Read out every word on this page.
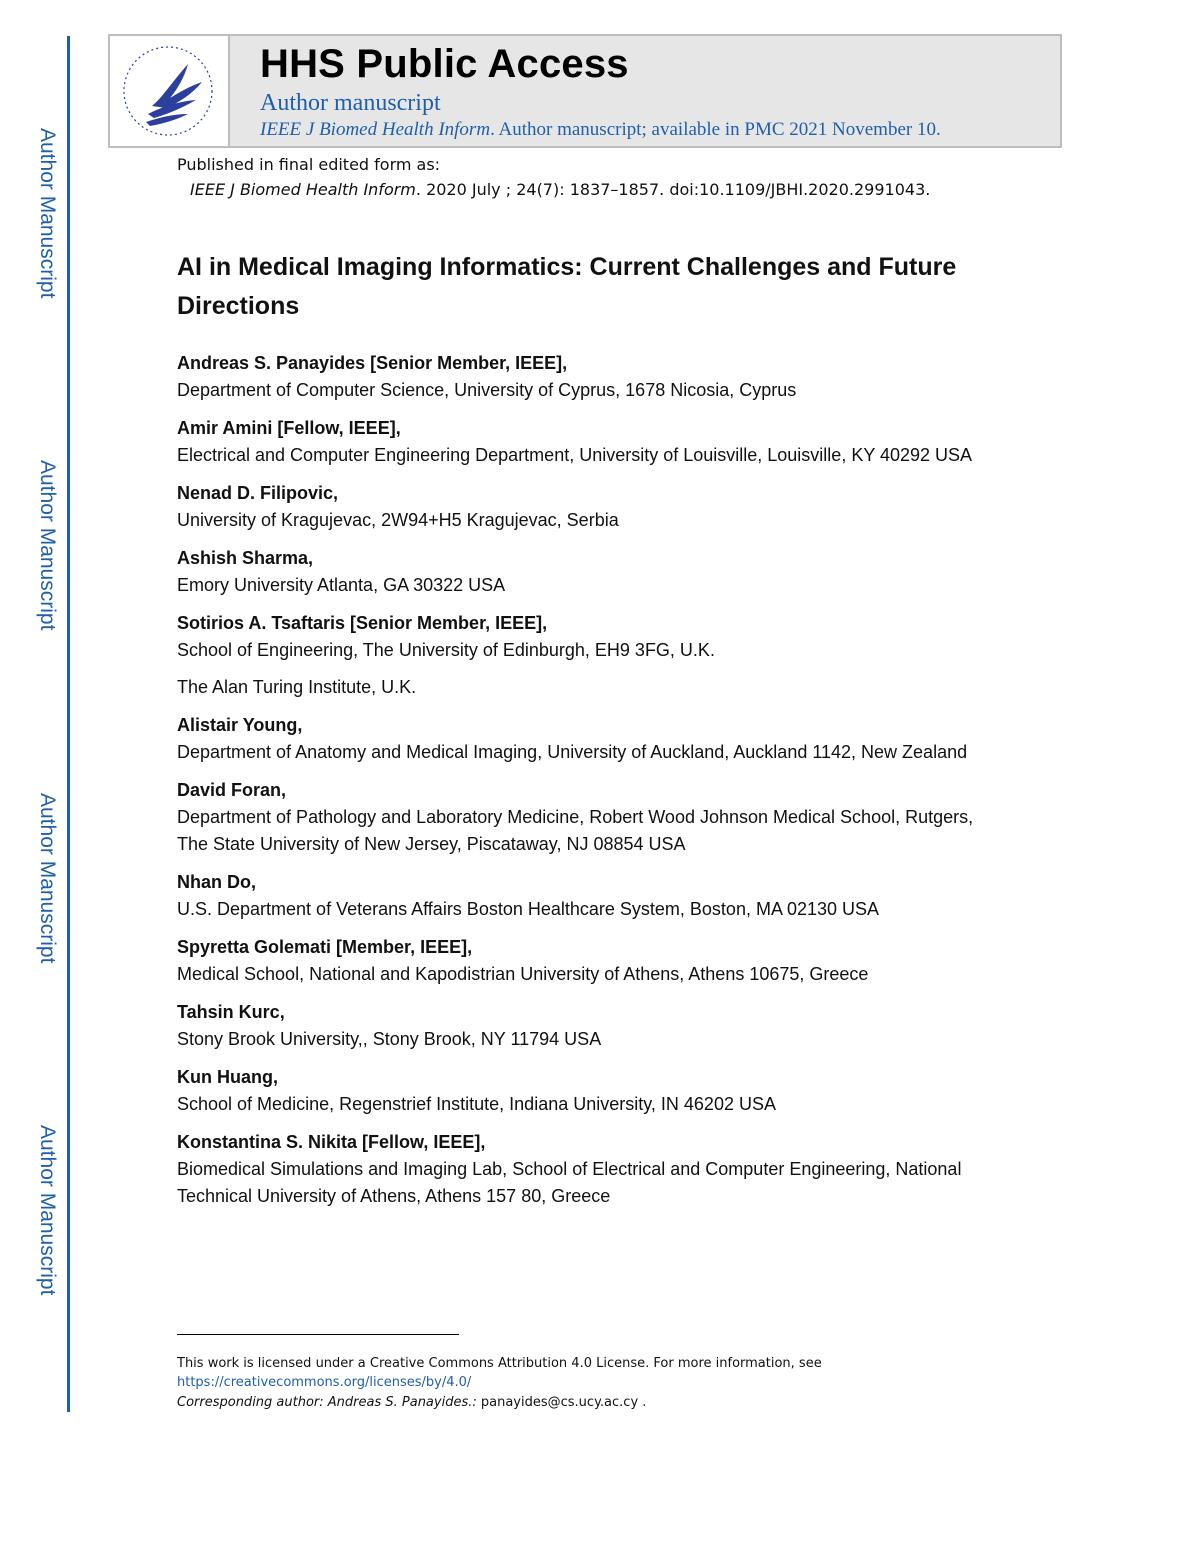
Author Manuscript
Author Manuscript
Author Manuscript
Author Manuscript
HHS Public Access
Author manuscript
IEEE J Biomed Health Inform. Author manuscript; available in PMC 2021 November 10.
Published in final edited form as:
IEEE J Biomed Health Inform. 2020 July ; 24(7): 1837–1857. doi:10.1109/JBHI.2020.2991043.
AI in Medical Imaging Informatics: Current Challenges and Future Directions
Andreas S. Panayides [Senior Member, IEEE],
Department of Computer Science, University of Cyprus, 1678 Nicosia, Cyprus
Amir Amini [Fellow, IEEE],
Electrical and Computer Engineering Department, University of Louisville, Louisville, KY 40292 USA
Nenad D. Filipovic,
University of Kragujevac, 2W94+H5 Kragujevac, Serbia
Ashish Sharma,
Emory University Atlanta, GA 30322 USA
Sotirios A. Tsaftaris [Senior Member, IEEE],
School of Engineering, The University of Edinburgh, EH9 3FG, U.K.
The Alan Turing Institute, U.K.
Alistair Young,
Department of Anatomy and Medical Imaging, University of Auckland, Auckland 1142, New Zealand
David Foran,
Department of Pathology and Laboratory Medicine, Robert Wood Johnson Medical School, Rutgers, The State University of New Jersey, Piscataway, NJ 08854 USA
Nhan Do,
U.S. Department of Veterans Affairs Boston Healthcare System, Boston, MA 02130 USA
Spyretta Golemati [Member, IEEE],
Medical School, National and Kapodistrian University of Athens, Athens 10675, Greece
Tahsin Kurc,
Stony Brook University,, Stony Brook, NY 11794 USA
Kun Huang,
School of Medicine, Regenstrief Institute, Indiana University, IN 46202 USA
Konstantina S. Nikita [Fellow, IEEE],
Biomedical Simulations and Imaging Lab, School of Electrical and Computer Engineering, National Technical University of Athens, Athens 157 80, Greece
This work is licensed under a Creative Commons Attribution 4.0 License. For more information, see https://creativecommons.org/licenses/by/4.0/
Corresponding author: Andreas S. Panayides.: panayides@cs.ucy.ac.cy .
